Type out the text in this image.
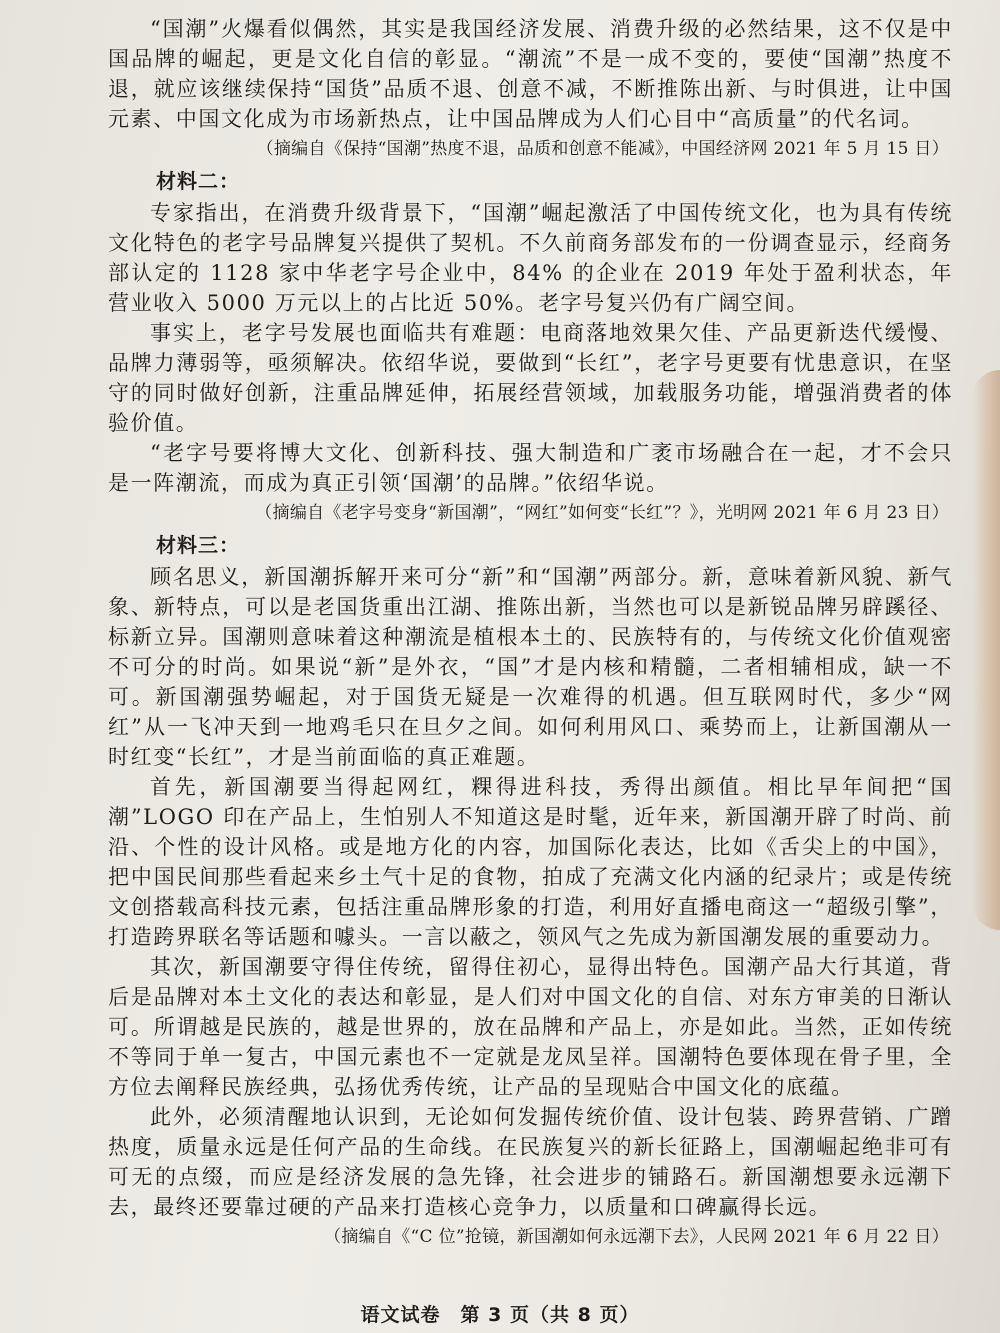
“国潮”火爆看似偶然，其实是我国经济发展、消费升级的必然结果，这不仅是中国品牌的崛起，更是文化自信的彰显。“潮流”不是一成不变的，要使“国潮”热度不退，就应该继续保持“国货”品质不退、创意不减，不断推陈出新、与时俱进，让中国元素、中国文化成为市场新热点，让中国品牌成为人们心目中“高质量”的代名词。

（摘编自《保持“国潮”热度不退，品质和创意不能减》，中国经济网 2021 年 5 月 15 日）

材料二：

专家指出，在消费升级背景下，“国潮”崛起激活了中国传统文化，也为具有传统文化特色的老字号品牌复兴提供了契机。不久前商务部发布的一份调查显示，经商务部认定的 1128 家中华老字号企业中，84% 的企业在 2019 年处于盈利状态，年营业收入 5000 万元以上的占比近 50%。老字号复兴仍有广阔空间。

事实上，老字号发展也面临共有难题：电商落地效果欠佳、产品更新迭代缓慢、品牌力薄弱等，亟须解决。依绍华说，要做到“长红”，老字号更要有忧患意识，在坚守的同时做好创新，注重品牌延伸，拓展经营领域，加载服务功能，增强消费者的体验价值。

“老字号要将博大文化、创新科技、强大制造和广袤市场融合在一起，才不会只是一阵潮流，而成为真正引领‘国潮’的品牌。”依绍华说。

（摘编自《老字号变身“新国潮”，“网红”如何变“长红”？》，光明网 2021 年 6 月 23 日）

材料三：

顾名思义，新国潮拆解开来可分“新”和“国潮”两部分。新，意味着新风貌、新气象、新特点，可以是老国货重出江湖、推陈出新，当然也可以是新锐品牌另辟蹊径、标新立异。国潮则意味着这种潮流是植根本土的、民族特有的，与传统文化价值观密不可分的时尚。如果说“新”是外衣，“国”才是内核和精髓，二者相辅相成，缺一不可。新国潮强势崛起，对于国货无疑是一次难得的机遇。但互联网时代，多少“网红”从一飞冲天到一地鸡毛只在旦夕之间。如何利用风口、乘势而上，让新国潮从一时红变“长红”，才是当前面临的真正难题。

首先，新国潮要当得起网红，粿得进科技，秀得出颜值。相比早年间把“国潮”LOGO 印在产品上，生怕别人不知道这是时髦，近年来，新国潮开辟了时尚、前沿、个性的设计风格。或是地方化的内容，加国际化表达，比如《舌尖上的中国》，把中国民间那些看起来乡土气十足的食物，拍成了充满文化内涵的纪录片；或是传统文创搭载高科技元素，包括注重品牌形象的打造，利用好直播电商这一“超级引擎”，打造跨界联名等话题和噱头。一言以蔽之，领风气之先成为新国潮发展的重要动力。

其次，新国潮要守得住传统，留得住初心，显得出特色。国潮产品大行其道，背后是品牌对本土文化的表达和彰显，是人们对中国文化的自信、对东方审美的日渐认可。所谓越是民族的，越是世界的，放在品牌和产品上，亦是如此。当然，正如传统不等同于单一复古，中国元素也不一定就是龙凤呈祥。国潮特色要体现在骨子里，全方位去阐释民族经典，弘扬优秀传统，让产品的呈现贴合中国文化的底蕴。

此外，必须清醒地认识到，无论如何发掘传统价值、设计包装、跨界营销、广蹭热度，质量永远是任何产品的生命线。在民族复兴的新长征路上，国潮崛起绝非可有可无的点缀，而应是经济发展的急先锋，社会进步的铺路石。新国潮想要永远潮下去，最终还要靠过硬的产品来打造核心竞争力，以质量和口碑赢得长远。

（摘编自《“C 位”抢镜，新国潮如何永远潮下去》，人民网 2021 年 6 月 22 日）

语文试卷　第 3 页（共 8 页）
